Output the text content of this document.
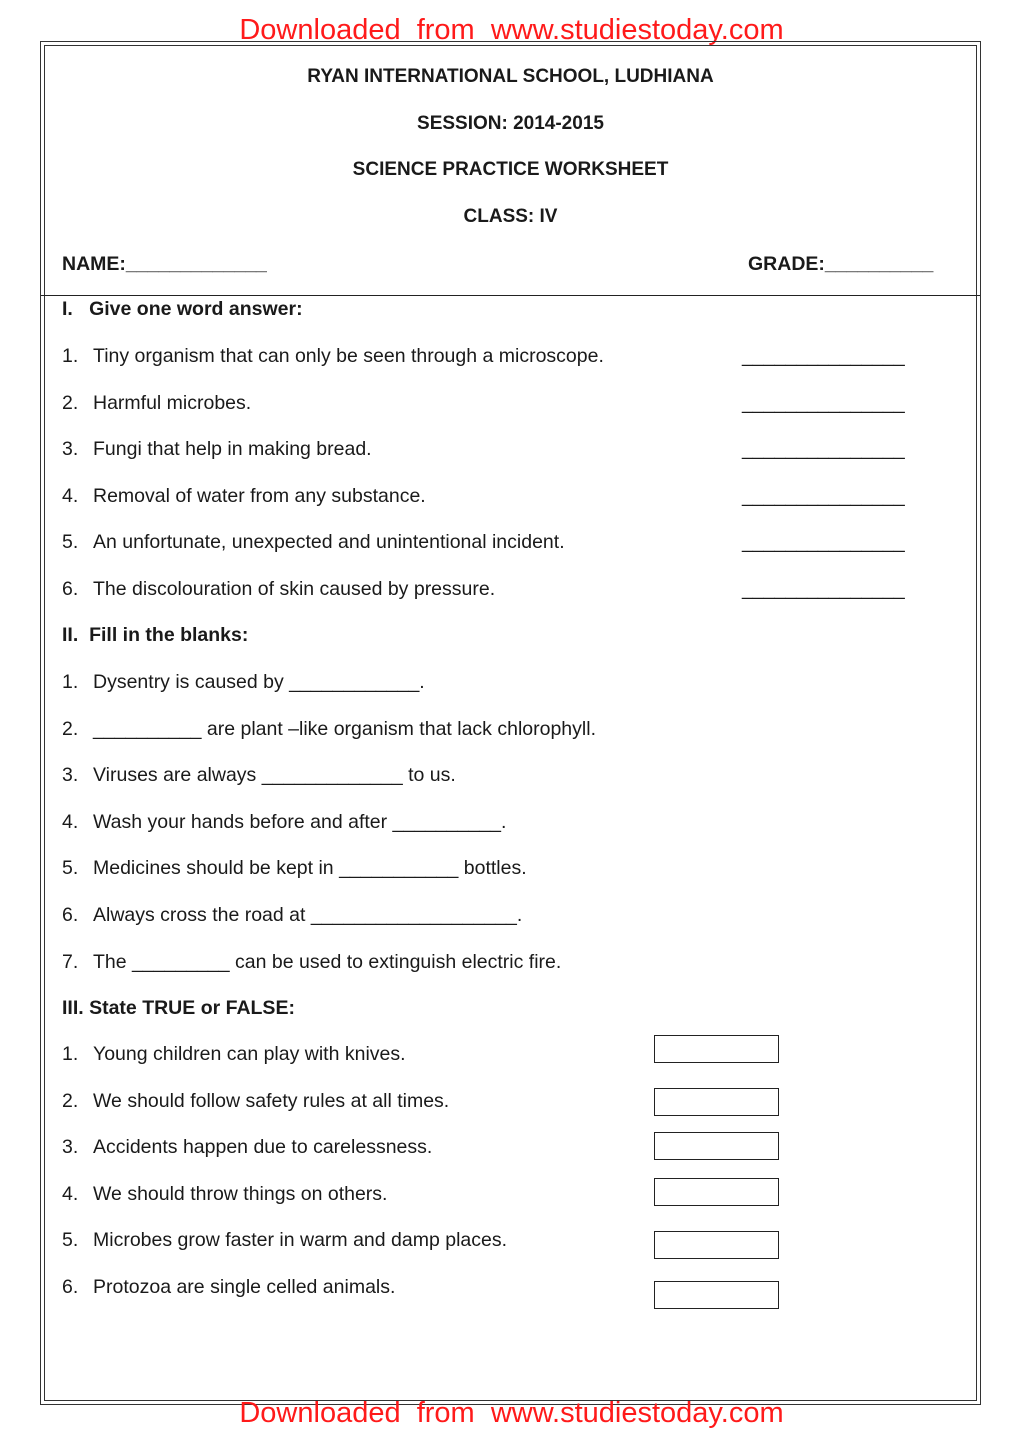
Downloaded  from  www.studiestoday.com
RYAN INTERNATIONAL SCHOOL, LUDHIANA
SESSION: 2014-2015
SCIENCE PRACTICE WORKSHEET
CLASS: IV
NAME:_____________	GRADE:__________
I.   Give one word answer:
1. Tiny organism that can only be seen through a microscope.	_______________
2. Harmful microbes.	_______________
3. Fungi that help in making bread.	_______________
4. Removal of water from any substance.	_______________
5. An unfortunate, unexpected and unintentional incident.	_______________
6. The discolouration of skin caused by pressure.	_______________
II.  Fill in the blanks:
1. Dysentry is caused by ____________.
2. __________ are plant –like organism that lack chlorophyll.
3. Viruses are always _____________ to us.
4. Wash your hands before and after __________.
5. Medicines should be kept in ___________ bottles.
6. Always cross the road at ___________________.
7. The _________ can be used to extinguish electric fire.
III. State TRUE or FALSE:
1. Young children can play with knives.
2. We should follow safety rules at all times.
3. Accidents happen due to carelessness.
4. We should throw things on others.
5. Microbes grow faster in warm and damp places.
6. Protozoa are single celled animals.
Downloaded  from  www.studiestoday.com
